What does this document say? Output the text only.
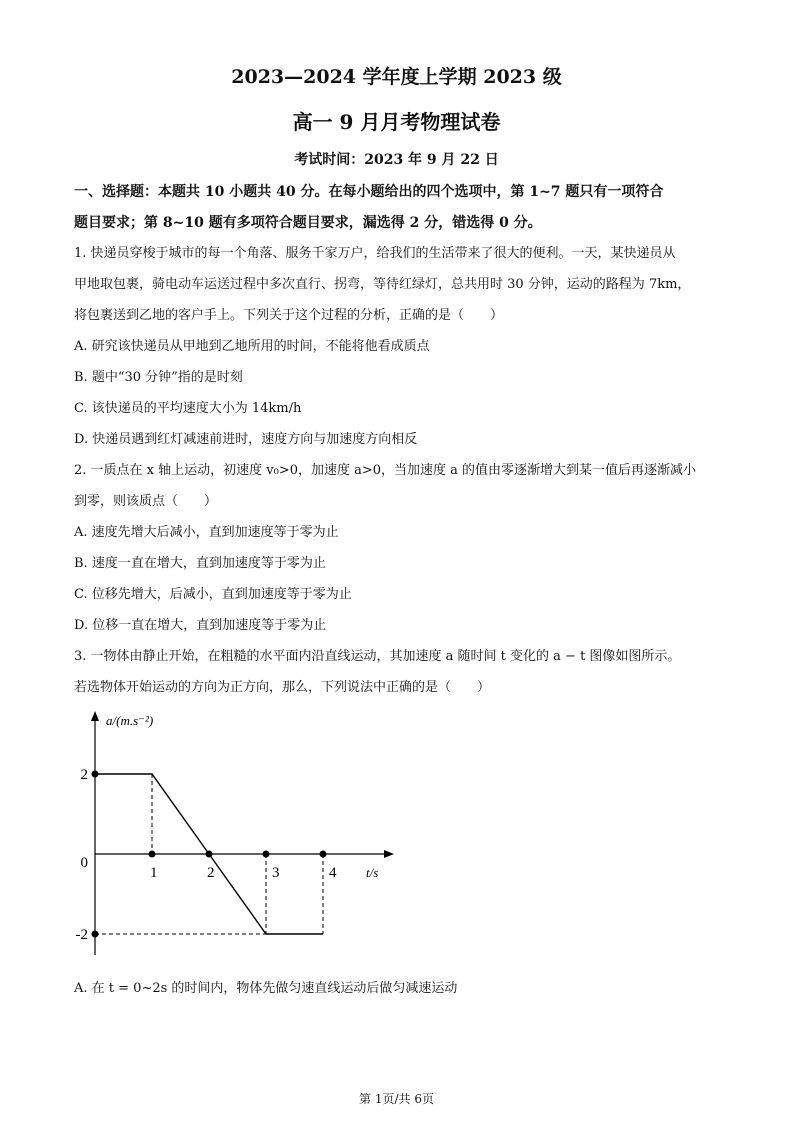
2023—2024 学年度上学期 2023 级
高一 9 月月考物理试卷
考试时间：2023 年 9 月 22 日
一、选择题：本题共 10 小题共 40 分。在每小题给出的四个选项中，第 1~7 题只有一项符合
题目要求；第 8~10 题有多项符合题目要求，漏选得 2 分，错选得 0 分。
1. 快递员穿梭于城市的每一个角落、服务千家万户，给我们的生活带来了很大的便利。一天，某快递员从
甲地取包裹，骑电动车运送过程中多次直行、拐弯，等待红绿灯，总共用时 30 分钟，运动的路程为 7km，
将包裹送到乙地的客户手上。下列关于这个过程的分析，正确的是（　　）
A. 研究该快递员从甲地到乙地所用的时间，不能将他看成质点
B. 题中“30 分钟”指的是时刻
C. 该快递员的平均速度大小为 14km/h
D. 快递员遇到红灯减速前进时，速度方向与加速度方向相反
2. 一质点在 x 轴上运动，初速度 v₀>0，加速度 a>0，当加速度 a 的值由零逐渐增大到某一值后再逐渐减小
到零，则该质点（　　）
A. 速度先增大后减小，直到加速度等于零为止
B. 速度一直在增大，直到加速度等于零为止
C. 位移先增大，后减小，直到加速度等于零为止
D. 位移一直在增大，直到加速度等于零为止
3. 一物体由静止开始，在粗糙的水平面内沿直线运动，其加速度 a 随时间 t 变化的 a − t 图像如图所示。
若选物体开始运动的方向为正方向，那么，下列说法中正确的是（　　）
a/(m.s⁻²)
t/s
1	2	3	4
2
0
-2
A. 在 t = 0~2s 的时间内，物体先做匀速直线运动后做匀减速运动
第 1页/共 6页
